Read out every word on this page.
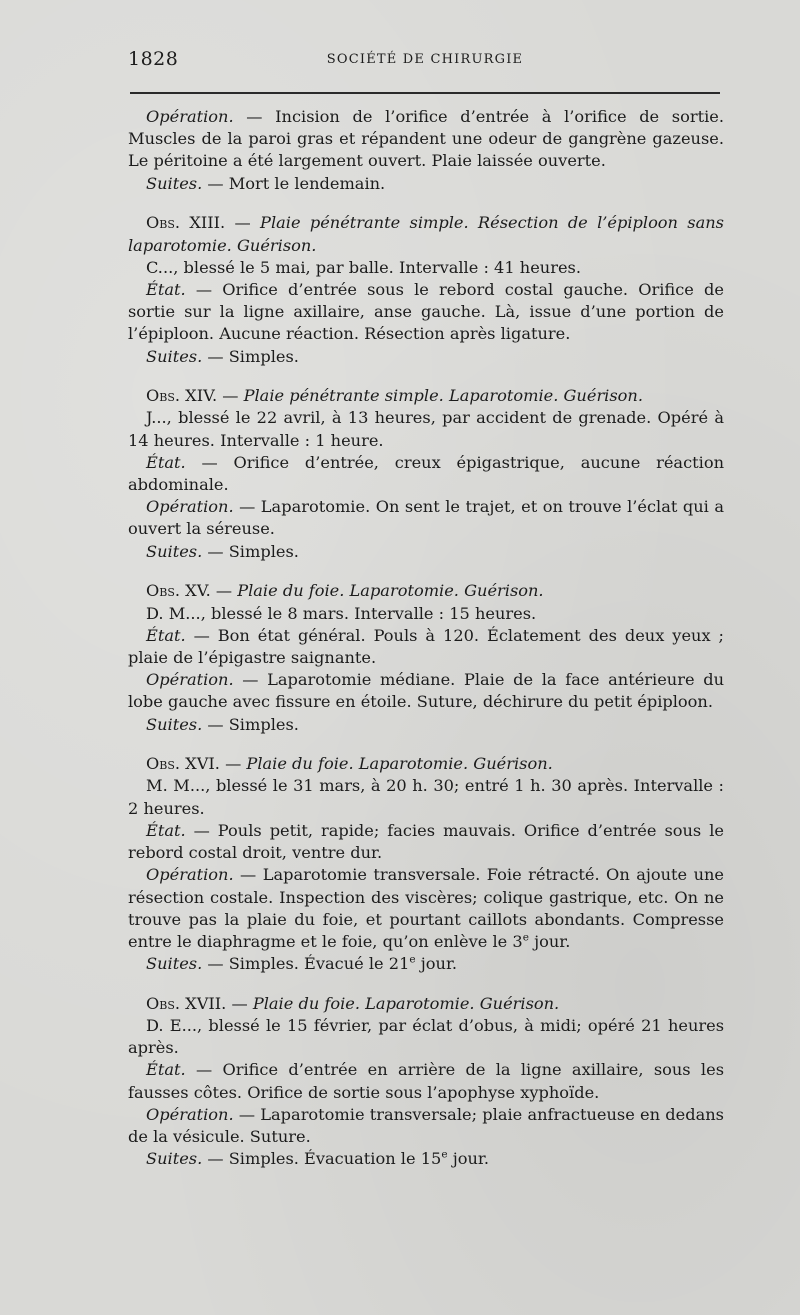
1828	SOCIÉTÉ DE CHIRURGIE

Opération. — Incision de l’orifice d’entrée à l’orifice de sortie. Muscles de la paroi gras et répandent une odeur de gangrène gazeuse. Le péritoine a été largement ouvert. Plaie laissée ouverte.

Suites. — Mort le lendemain.

Obs. XIII. — Plaie pénétrante simple. Résection de l’épiploon sans laparotomie. Guérison.

C..., blessé le 5 mai, par balle. Intervalle : 41 heures.

État. — Orifice d’entrée sous le rebord costal gauche. Orifice de sortie sur la ligne axillaire, anse gauche. Là, issue d’une portion de l’épiploon. Aucune réaction. Résection après ligature.

Suites. — Simples.

Obs. XIV. — Plaie pénétrante simple. Laparotomie. Guérison.

J..., blessé le 22 avril, à 13 heures, par accident de grenade. Opéré à 14 heures. Intervalle : 1 heure.

État. — Orifice d’entrée, creux épigastrique, aucune réaction abdominale.

Opération. — Laparotomie. On sent le trajet, et on trouve l’éclat qui a ouvert la séreuse.

Suites. — Simples.

Obs. XV. — Plaie du foie. Laparotomie. Guérison.

D. M..., blessé le 8 mars. Intervalle : 15 heures.

État. — Bon état général. Pouls à 120. Éclatement des deux yeux ; plaie de l’épigastre saignante.

Opération. — Laparotomie médiane. Plaie de la face antérieure du lobe gauche avec fissure en étoile. Suture, déchirure du petit épiploon.

Suites. — Simples.

Obs. XVI. — Plaie du foie. Laparotomie. Guérison.

M. M..., blessé le 31 mars, à 20 h. 30; entré 1 h. 30 après. Intervalle : 2 heures.

État. — Pouls petit, rapide; facies mauvais. Orifice d’entrée sous le rebord costal droit, ventre dur.

Opération. — Laparotomie transversale. Foie rétracté. On ajoute une résection costale. Inspection des viscères; colique gastrique, etc. On ne trouve pas la plaie du foie, et pourtant caillots abondants. Compresse entre le diaphragme et le foie, qu’on enlève le 3e jour.

Suites. — Simples. Évacué le 21e jour.

Obs. XVII. — Plaie du foie. Laparotomie. Guérison.

D. E..., blessé le 15 février, par éclat d’obus, à midi; opéré 21 heures après.

État. — Orifice d’entrée en arrière de la ligne axillaire, sous les fausses côtes. Orifice de sortie sous l’apophyse xyphoïde.

Opération. — Laparotomie transversale; plaie anfractueuse en dedans de la vésicule. Suture.

Suites. — Simples. Évacuation le 15e jour.
